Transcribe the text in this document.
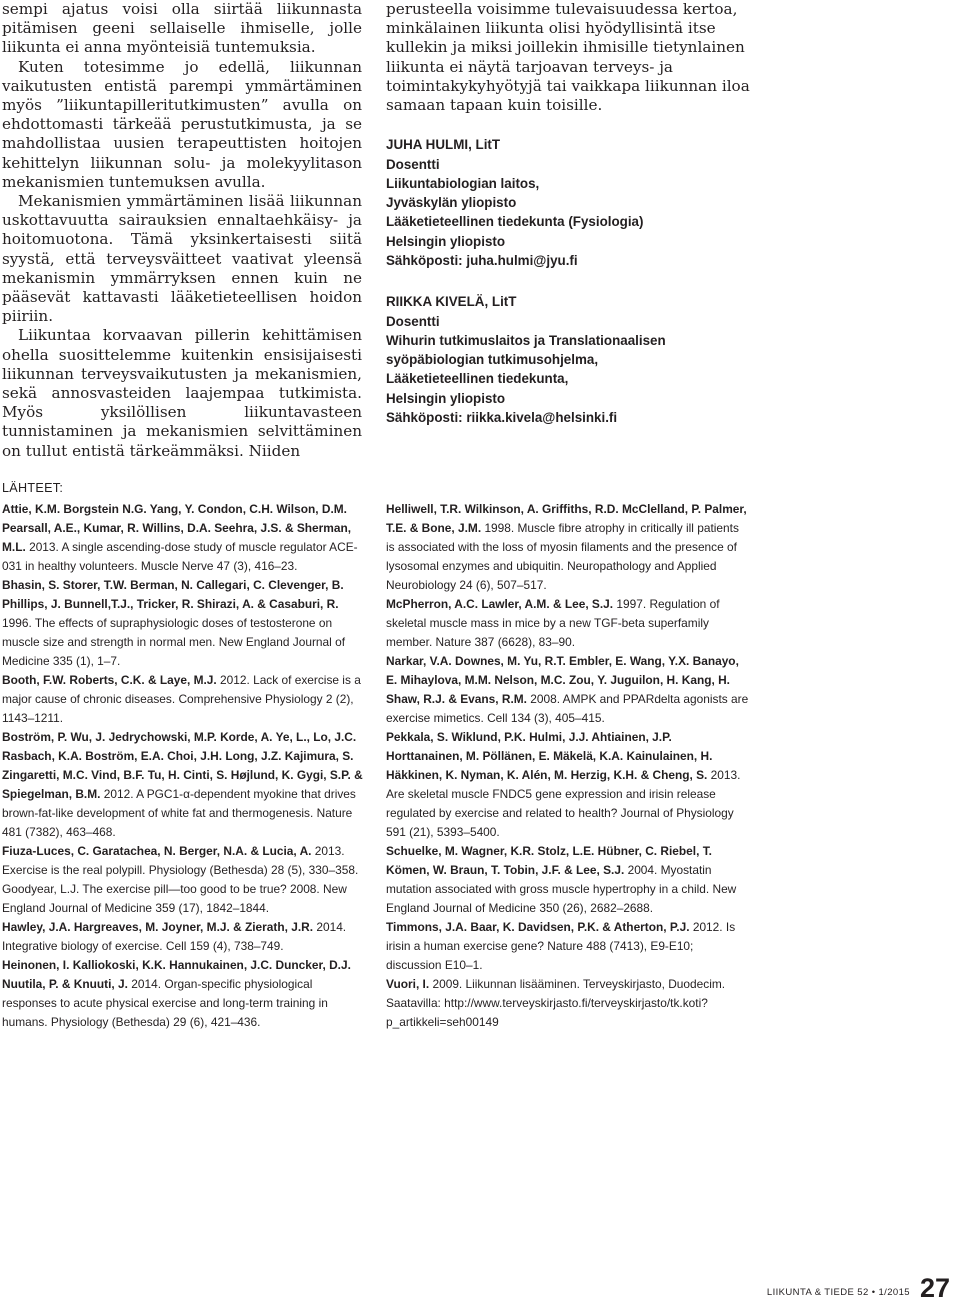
sempi ajatus voisi olla siirtää liikunnasta pitämisen geeni sellaiselle ihmiselle, jolle liikunta ei anna myönteisiä tuntemuksia.

Kuten totesimme jo edellä, liikunnan vaikutusten entistä parempi ymmärtäminen myös ”liikuntapilleritutkimusten” avulla on ehdottomasti tärkeää perustutkimusta, ja se mahdollistaa uusien terapeuttisten hoitojen kehittelyn liikunnan solu- ja molekyylitason mekanismien tuntemuksen avulla.

Mekanismien ymmärtäminen lisää liikunnan uskottavuutta sairauksien ennaltaehkäisy- ja hoitomuotona. Tämä yksinkertaisesti siitä syystä, että terveysväitteet vaativat yleensä mekanismin ymmärryksen ennen kuin ne pääsevät kattavasti lääketieteellisen hoidon piiriin.

Liikuntaa korvaavan pillerin kehittämisen ohella suosittelemme kuitenkin ensisijaisesti liikunnan terveysvaikutusten ja mekanismien, sekä annosvasteiden laajempaa tutkimista. Myös yksilöllisen liikuntavasteen tunnistaminen ja mekanismien selvittäminen on tullut entistä tärkeämmäksi. Niiden

perusteella voisimme tulevaisuudessa kertoa, minkälainen liikunta olisi hyödyllisintä itse kullekin ja miksi joillekin ihmisille tietynlainen liikunta ei näytä tarjoavan terveys- ja toimintakykyhyötyjä tai vaikkapa liikunnan iloa samaan tapaan kuin toisille.

JUHA HULMI, LitT
Dosentti
Liikuntabiologian laitos,
Jyväskylän yliopisto
Lääketieteellinen tiedekunta (Fysiologia)
Helsingin yliopisto
Sähköposti: juha.hulmi@jyu.fi
RIIKKA KIVELÄ, LitT
Dosentti
Wihurin tutkimuslaitos ja Translationaalisen
syöpäbiologian tutkimusohjelma,
Lääketieteellinen tiedekunta,
Helsingin yliopisto
Sähköposti: riikka.kivela@helsinki.fi
LÄHTEET:

Attie, K.M. Borgstein N.G. Yang, Y. Condon, C.H. Wilson, D.M. Pearsall, A.E., Kumar, R. Willins, D.A. Seehra, J.S. & Sherman, M.L. 2013. A single ascending-dose study of muscle regulator ACE-031 in healthy volunteers. Muscle Nerve 47 (3), 416–23.

Bhasin, S. Storer, T.W. Berman, N. Callegari, C. Clevenger, B. Phillips, J. Bunnell,T.J., Tricker, R. Shirazi, A. & Casaburi, R. 1996. The effects of supraphysiologic doses of testosterone on muscle size and strength in normal men. New England Journal of Medicine 335 (1), 1–7.

Booth, F.W. Roberts, C.K. & Laye, M.J. 2012. Lack of exercise is a major cause of chronic diseases. Comprehensive Physiology 2 (2), 1143–1211.

Boström, P. Wu, J. Jedrychowski, M.P. Korde, A. Ye, L., Lo, J.C. Rasbach, K.A. Boström, E.A. Choi, J.H. Long, J.Z. Kajimura, S. Zingaretti, M.C. Vind, B.F. Tu, H. Cinti, S. Højlund, K. Gygi, S.P. & Spiegelman, B.M. 2012. A PGC1-α-dependent myokine that drives brown-fat-like development of white fat and thermogenesis. Nature 481 (7382), 463–468.

Fiuza-Luces, C. Garatachea, N. Berger, N.A. & Lucia, A. 2013. Exercise is the real polypill. Physiology (Bethesda) 28 (5), 330–358.

Goodyear, L.J. The exercise pill—too good to be true? 2008. New England Journal of Medicine 359 (17), 1842–1844.

Hawley, J.A. Hargreaves, M. Joyner, M.J. & Zierath, J.R. 2014. Integrative biology of exercise. Cell 159 (4), 738–749.

Heinonen, I. Kalliokoski, K.K. Hannukainen, J.C. Duncker, D.J. Nuutila, P. & Knuuti, J. 2014. Organ-specific physiological responses to acute physical exercise and long-term training in humans. Physiology (Bethesda) 29 (6), 421–436.

Helliwell, T.R. Wilkinson, A. Griffiths, R.D. McClelland, P. Palmer, T.E. & Bone, J.M. 1998. Muscle fibre atrophy in critically ill patients is associated with the loss of myosin filaments and the presence of lysosomal enzymes and ubiquitin. Neuropathology and Applied Neurobiology 24 (6), 507–517.

McPherron, A.C. Lawler, A.M. & Lee, S.J. 1997. Regulation of skeletal muscle mass in mice by a new TGF-beta superfamily member. Nature 387 (6628), 83–90.

Narkar, V.A. Downes, M. Yu, R.T. Embler, E. Wang, Y.X. Banayo, E. Mihaylova, M.M. Nelson, M.C. Zou, Y. Juguilon, H. Kang, H. Shaw, R.J. & Evans, R.M. 2008. AMPK and PPARdelta agonists are exercise mimetics. Cell 134 (3), 405–415.

Pekkala, S. Wiklund, P.K. Hulmi, J.J. Ahtiainen, J.P. Horttanainen, M. Pöllänen, E. Mäkelä, K.A. Kainulainen, H. Häkkinen, K. Nyman, K. Alén, M. Herzig, K.H. & Cheng, S. 2013. Are skeletal muscle FNDC5 gene expression and irisin release regulated by exercise and related to health? Journal of Physiology 591 (21), 5393–5400.

Schuelke, M. Wagner, K.R. Stolz, L.E. Hübner, C. Riebel, T. Kömen, W. Braun, T. Tobin, J.F. & Lee, S.J. 2004. Myostatin mutation associated with gross muscle hypertrophy in a child. New England Journal of Medicine 350 (26), 2682–2688.

Timmons, J.A. Baar, K. Davidsen, P.K. & Atherton, P.J. 2012. Is irisin a human exercise gene? Nature 488 (7413), E9-E10; discussion E10–1.

Vuori, I. 2009. Liikunnan lisääminen. Terveyskirjasto, Duodecim. Saatavilla: http://www.terveyskirjasto.fi/terveyskirjasto/tk.koti?p_artikkeli=seh00149

LIIKUNTA & TIEDE 52 • 1/2015 27
